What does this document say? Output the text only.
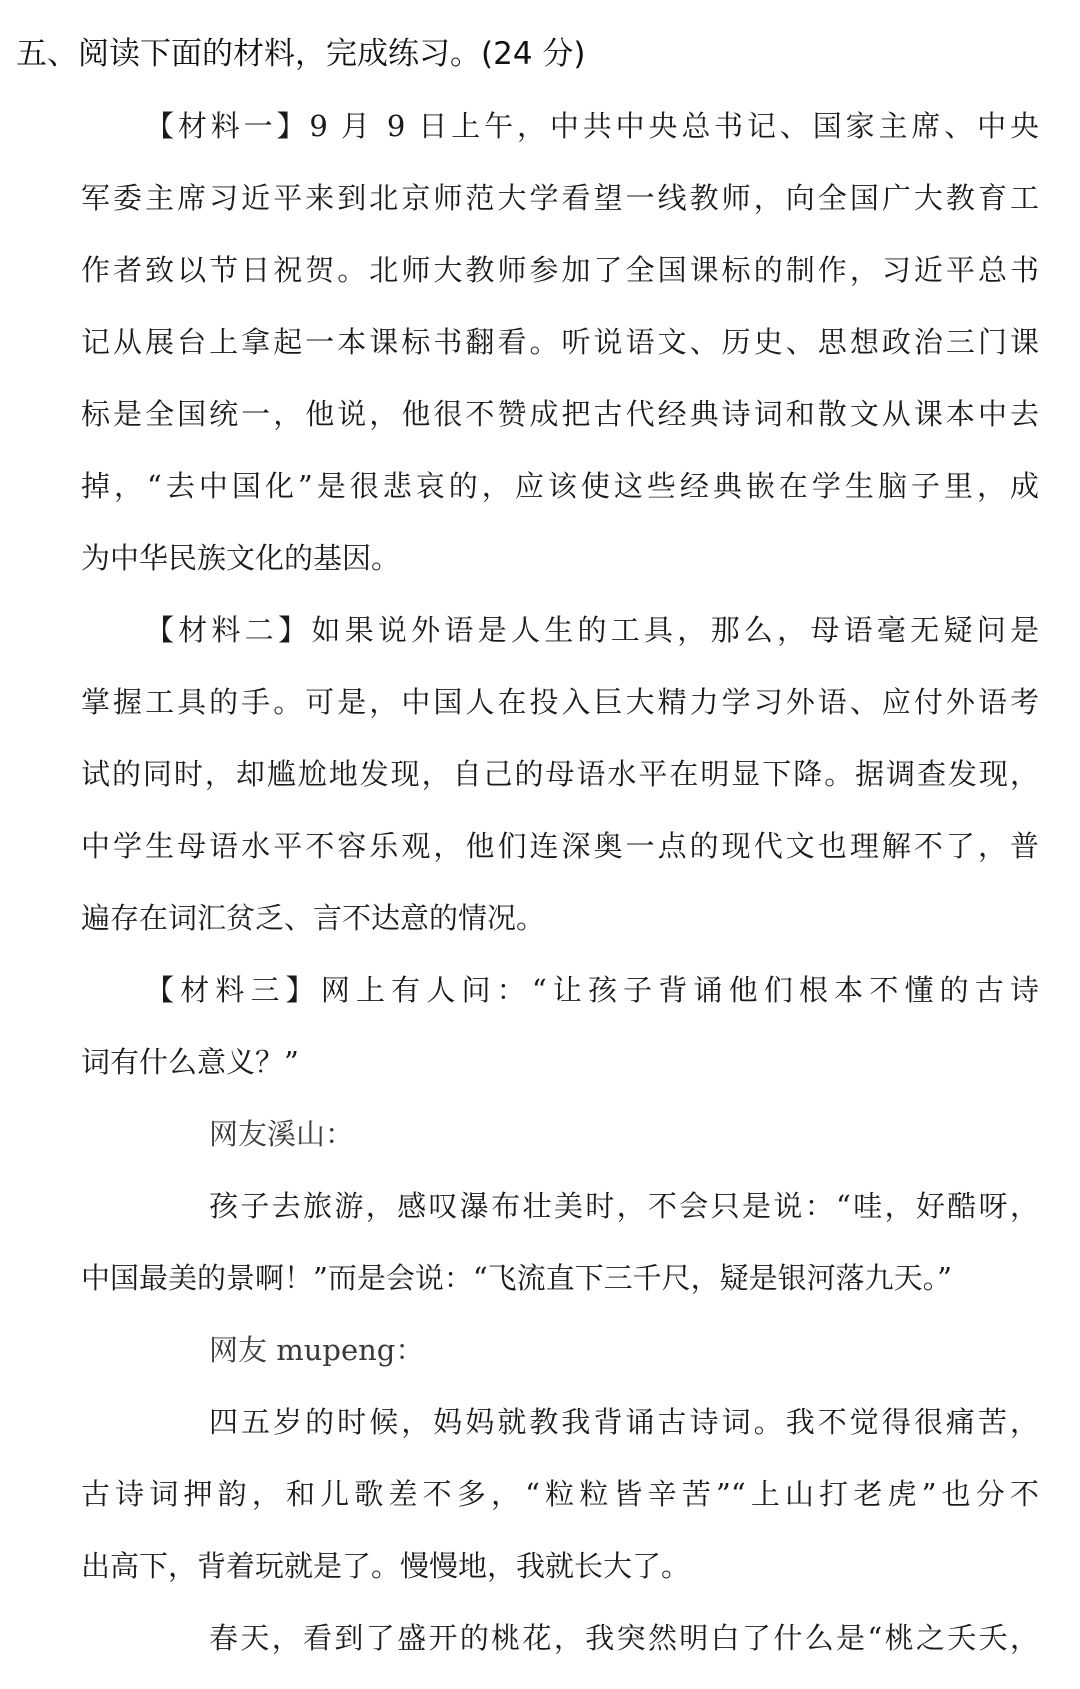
五、阅读下面的材料，完成练习。(24 分)
【材料一】9 月 9 日上午，中共中央总书记、国家主席、中央
军委主席习近平来到北京师范大学看望一线教师，向全国广大教育工
作者致以节日祝贺。北师大教师参加了全国课标的制作，习近平总书
记从展台上拿起一本课标书翻看。听说语文、历史、思想政治三门课
标是全国统一，他说，他很不赞成把古代经典诗词和散文从课本中去
掉，“去中国化”是很悲哀的，应该使这些经典嵌在学生脑子里，成
为中华民族文化的基因。
【材料二】如果说外语是人生的工具，那么，母语毫无疑问是
掌握工具的手。可是，中国人在投入巨大精力学习外语、应付外语考
试的同时，却尴尬地发现，自己的母语水平在明显下降。据调查发现，
中学生母语水平不容乐观，他们连深奥一点的现代文也理解不了，普
遍存在词汇贫乏、言不达意的情况。
【材料三】网上有人问：“让孩子背诵他们根本不懂的古诗
词有什么意义？”
网友溪山：
孩子去旅游，感叹瀑布壮美时，不会只是说：“哇，好酷呀，
中国最美的景啊！”而是会说：“飞流直下三千尺，疑是银河落九天。”
网友 mupeng：
四五岁的时候，妈妈就教我背诵古诗词。我不觉得很痛苦，
古诗词押韵，和儿歌差不多，“粒粒皆辛苦”“上山打老虎”也分不
出高下，背着玩就是了。慢慢地，我就长大了。
春天，看到了盛开的桃花，我突然明白了什么是“桃之夭夭，
